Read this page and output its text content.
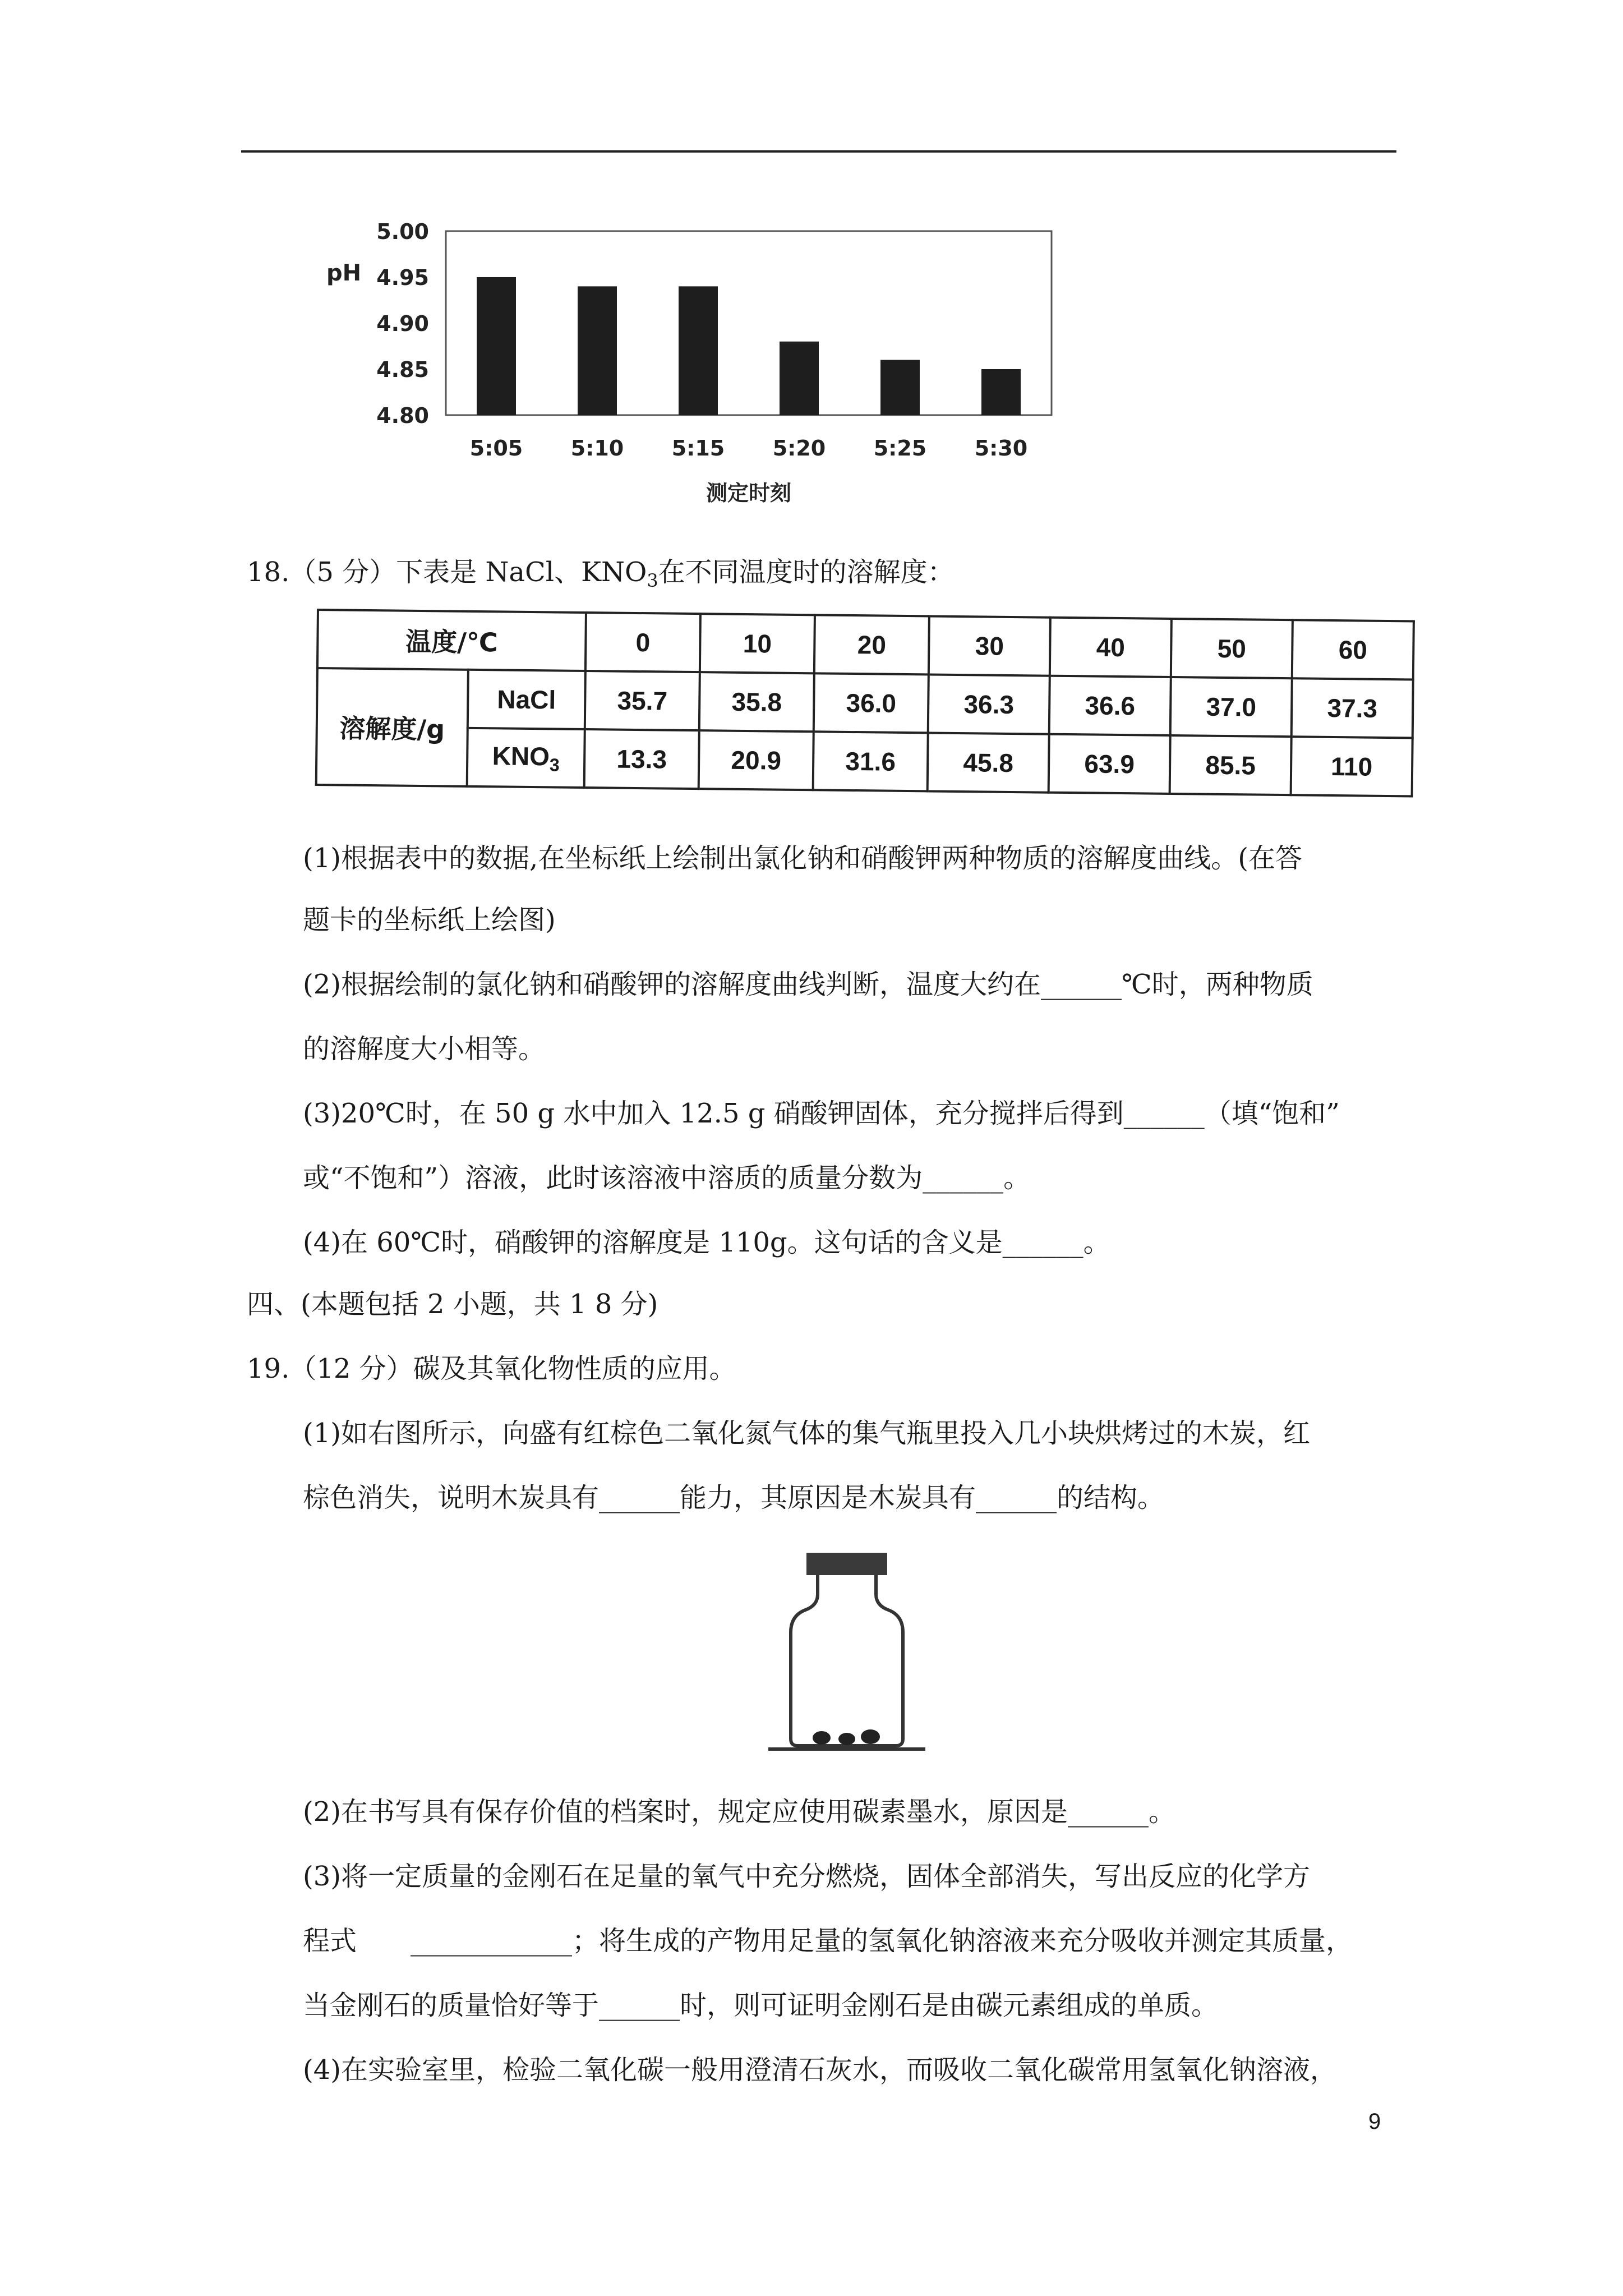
pH
5.00
4.95
4.90
4.85
4.80
5:05 5:10 5:15 5:20 5:25 5:30
测定时刻
18.（5 分）下表是 NaCl、$KNO_3$在不同温度时的溶解度：
温度/℃		0	10	20	30	40	50	60
溶解度/g	NaCl	35.7	35.8	36.0	36.3	36.6	37.0	37.3
	$KNO_3$	13.3	20.9	31.6	45.8	63.9	85.5	110
(1)根据表中的数据,在坐标纸上绘制出氯化钠和硝酸钾两种物质的溶解度曲线。(在答
题卡的坐标纸上绘图)
(2)根据绘制的氯化钠和硝酸钾的溶解度曲线判断，温度大约在______℃时，两种物质
的溶解度大小相等。
(3)20℃时，在 50 g 水中加入 12.5 g 硝酸钾固体，充分搅拌后得到______（填“饱和”
或“不饱和”）溶液，此时该溶液中溶质的质量分数为______。
(4)在 60℃时，硝酸钾的溶解度是 110g。这句话的含义是______。
四、(本题包括 2 小题，共 1 8 分)
19.（12 分）碳及其氧化物性质的应用。
(1)如右图所示，向盛有红棕色二氧化氮气体的集气瓶里投入几小块烘烤过的木炭，红
棕色消失，说明木炭具有______能力，其原因是木炭具有______的结构。
(2)在书写具有保存价值的档案时，规定应使用碳素墨水，原因是______。
(3)将一定质量的金刚石在足量的氧气中充分燃烧，固体全部消失，写出反应的化学方
程式　　____________；将生成的产物用足量的氢氧化钠溶液来充分吸收并测定其质量，
当金刚石的质量恰好等于______时，则可证明金刚石是由碳元素组成的单质。
(4)在实验室里，检验二氧化碳一般用澄清石灰水，而吸收二氧化碳常用氢氧化钠溶液，
9
